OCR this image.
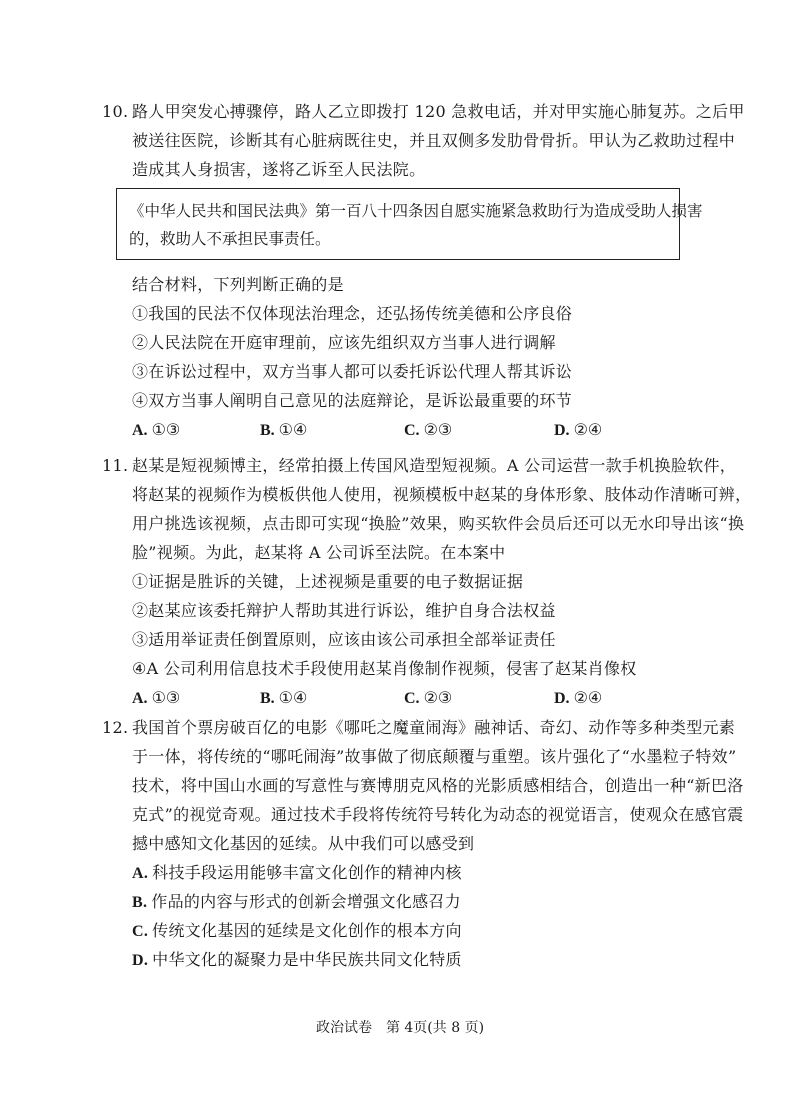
10. 路人甲突发心搏骤停，路人乙立即拨打 120 急救电话，并对甲实施心肺复苏。之后甲
被送往医院，诊断其有心脏病既往史，并且双侧多发肋骨骨折。甲认为乙救助过程中
造成其人身损害，遂将乙诉至人民法院。
《中华人民共和国民法典》第一百八十四条因自愿实施紧急救助行为造成受助人损害
的，救助人不承担民事责任。
结合材料，下列判断正确的是
①我国的民法不仅体现法治理念，还弘扬传统美德和公序良俗
②人民法院在开庭审理前，应该先组织双方当事人进行调解
③在诉讼过程中，双方当事人都可以委托诉讼代理人帮其诉讼
④双方当事人阐明自己意见的法庭辩论，是诉讼最重要的环节
A. ①③	B. ①④	C. ②③	D. ②④
11. 赵某是短视频博主，经常拍摄上传国风造型短视频。A 公司运营一款手机换脸软件，
将赵某的视频作为模板供他人使用，视频模板中赵某的身体形象、肢体动作清晰可辨，
用户挑选该视频，点击即可实现“换脸”效果，购买软件会员后还可以无水印导出该“换
脸”视频。为此，赵某将 A 公司诉至法院。在本案中
①证据是胜诉的关键，上述视频是重要的电子数据证据
②赵某应该委托辩护人帮助其进行诉讼，维护自身合法权益
③适用举证责任倒置原则，应该由该公司承担全部举证责任
④A 公司利用信息技术手段使用赵某肖像制作视频，侵害了赵某肖像权
A. ①③	B. ①④	C. ②③	D. ②④
12. 我国首个票房破百亿的电影《哪吒之魔童闹海》融神话、奇幻、动作等多种类型元素
于一体，将传统的“哪吒闹海”故事做了彻底颠覆与重塑。该片强化了“水墨粒子特效”
技术，将中国山水画的写意性与赛博朋克风格的光影质感相结合，创造出一种“新巴洛
克式”的视觉奇观。通过技术手段将传统符号转化为动态的视觉语言，使观众在感官震
撼中感知文化基因的延续。从中我们可以感受到
A. 科技手段运用能够丰富文化创作的精神内核
B. 作品的内容与形式的创新会增强文化感召力
C. 传统文化基因的延续是文化创作的根本方向
D. 中华文化的凝聚力是中华民族共同文化特质
政治试卷　第 4页(共 8 页)
